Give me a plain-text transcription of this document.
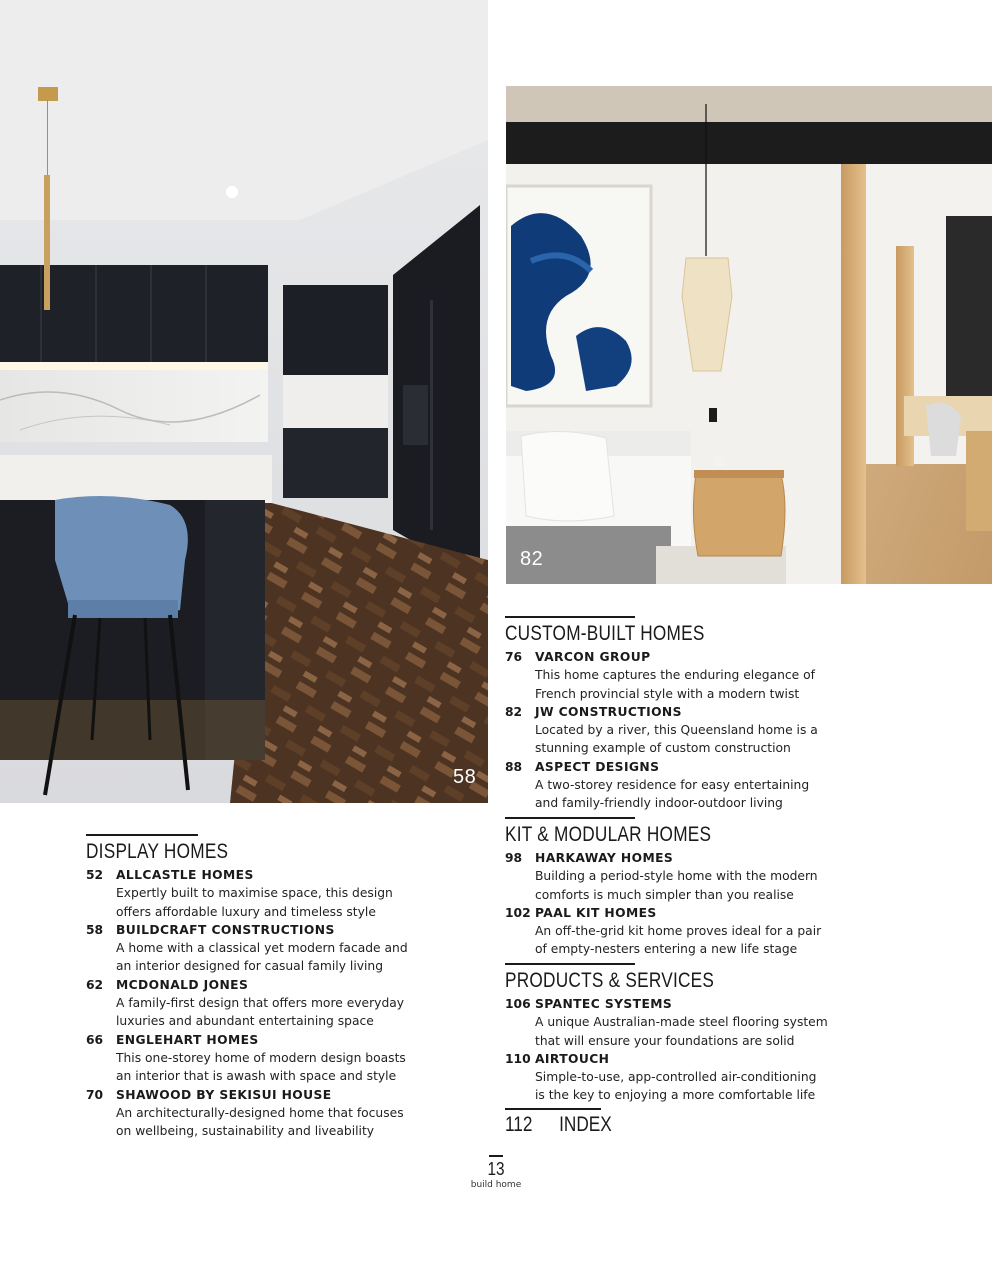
58
82
CUSTOM-BUILT HOMES
76	VARCON GROUP
This home captures the enduring elegance of
French provincial style with a modern twist
82	JW CONSTRUCTIONS
Located by a river, this Queensland home is a
stunning example of custom construction
88	ASPECT DESIGNS
A two-storey residence for easy entertaining
and family-friendly indoor-outdoor living
KIT & MODULAR HOMES
98	HARKAWAY HOMES
Building a period-style home with the modern
comforts is much simpler than you realise
102 PAAL KIT HOMES
An off-the-grid kit home proves ideal for a pair
of empty-nesters entering a new life stage
PRODUCTS & SERVICES
106 SPANTEC SYSTEMS
A unique Australian-made steel flooring system
that will ensure your foundations are solid
110 AIRTOUCH
Simple-to-use, app-controlled air-conditioning
is the key to enjoying a more comfortable life
112 INDEX
DISPLAY HOMES
52	ALLCASTLE HOMES
Expertly built to maximise space, this design
offers affordable luxury and timeless style
58	BUILDCRAFT CONSTRUCTIONS
A home with a classical yet modern facade and
an interior designed for casual family living
62	MCDONALD JONES
A family-first design that offers more everyday
luxuries and abundant entertaining space
66	ENGLEHART HOMES
This one-storey home of modern design boasts
an interior that is awash with space and style
70	SHAWOOD BY SEKISUI HOUSE
An architecturally-designed home that focuses
on wellbeing, sustainability and liveability
13
build home
